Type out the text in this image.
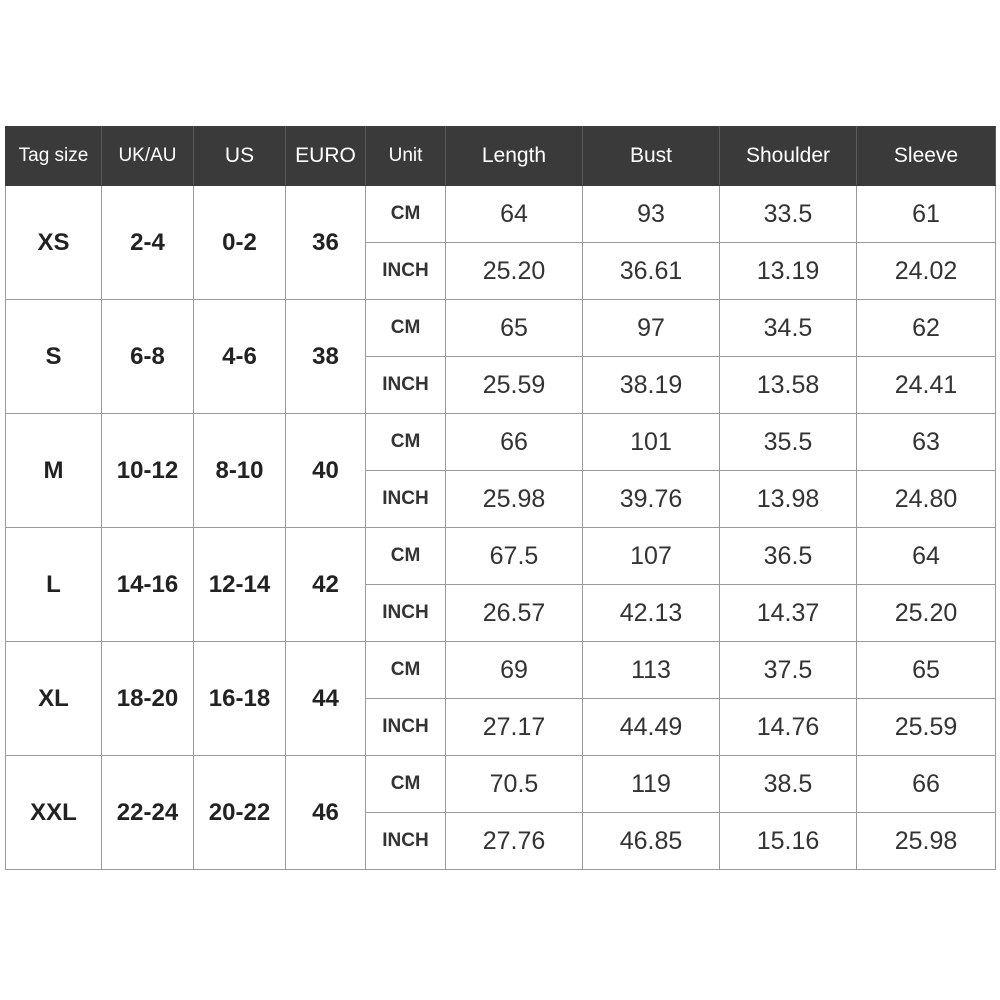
Tag size	UK/AU	US	EURO	Unit	Length	Bust	Shoulder	Sleeve
XS	2-4	0-2	36	CM	64	93	33.5	61
				INCH	25.20	36.61	13.19	24.02
S	6-8	4-6	38	CM	65	97	34.5	62
				INCH	25.59	38.19	13.58	24.41
M	10-12	8-10	40	CM	66	101	35.5	63
				INCH	25.98	39.76	13.98	24.80
L	14-16	12-14	42	CM	67.5	107	36.5	64
				INCH	26.57	42.13	14.37	25.20
XL	18-20	16-18	44	CM	69	113	37.5	65
				INCH	27.17	44.49	14.76	25.59
XXL	22-24	20-22	46	CM	70.5	119	38.5	66
				INCH	27.76	46.85	15.16	25.98
